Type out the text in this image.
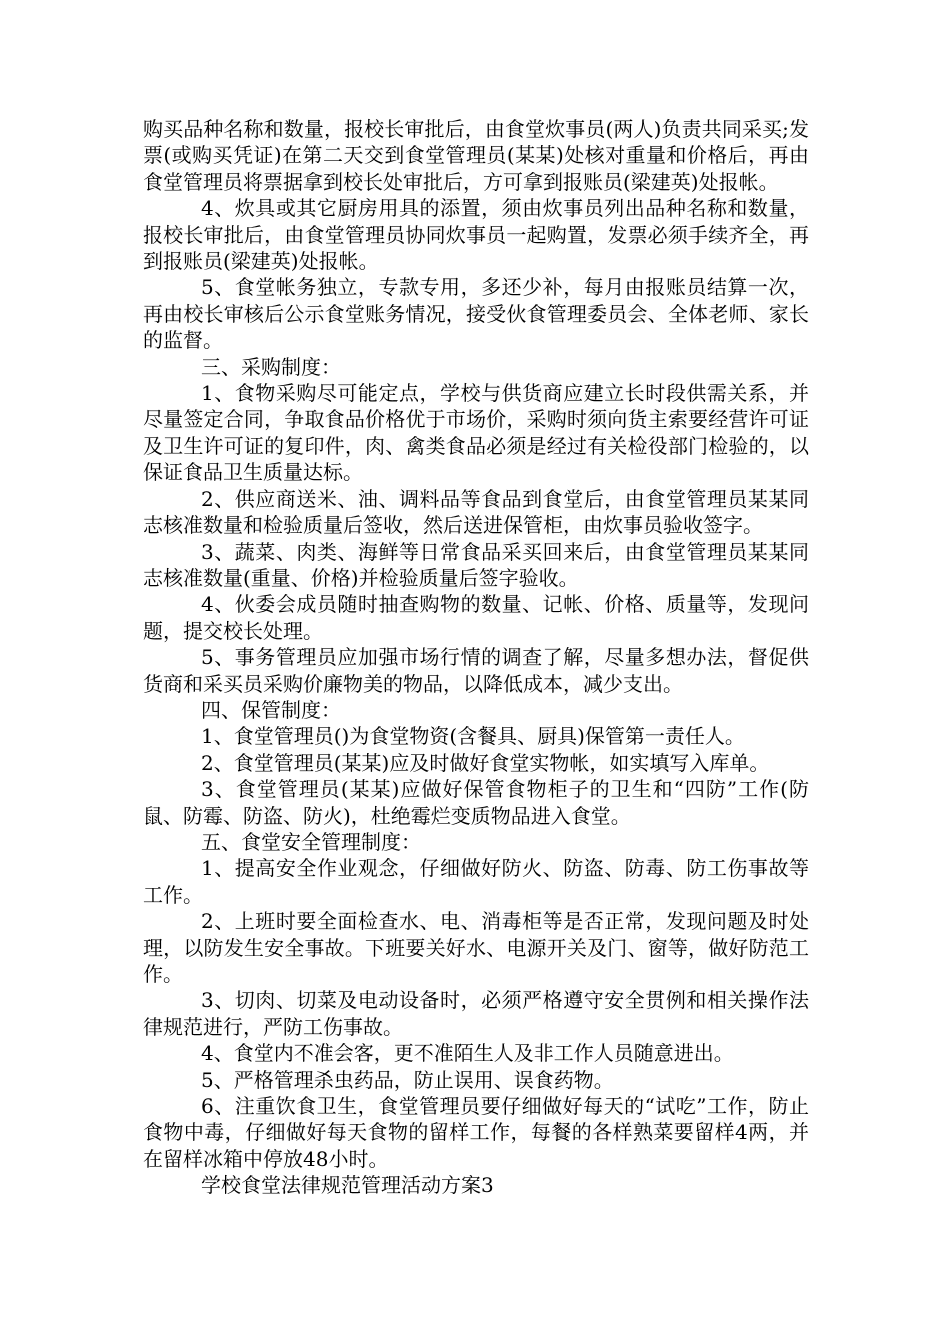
购买品种名称和数量，报校长审批后，由食堂炊事员(两人)负责共同采买;发票(或购买凭证)在第二天交到食堂管理员(某某)处核对重量和价格后，再由食堂管理员将票据拿到校长处审批后，方可拿到报账员(梁建英)处报帐。

4、炊具或其它厨房用具的添置，须由炊事员列出品种名称和数量，报校长审批后，由食堂管理员协同炊事员一起购置，发票必须手续齐全，再到报账员(梁建英)处报帐。

5、食堂帐务独立，专款专用，多还少补，每月由报账员结算一次，再由校长审核后公示食堂账务情况，接受伙食管理委员会、全体老师、家长的监督。

三、采购制度：

1、食物采购尽可能定点，学校与供货商应建立长时段供需关系，并尽量签定合同，争取食品价格优于市场价，采购时须向货主索要经营许可证及卫生许可证的复印件，肉、禽类食品必须是经过有关检役部门检验的，以保证食品卫生质量达标。

2、供应商送米、油、调料品等食品到食堂后，由食堂管理员某某同志核准数量和检验质量后签收，然后送进保管柜，由炊事员验收签字。

3、蔬菜、肉类、海鲜等日常食品采买回来后，由食堂管理员某某同志核准数量(重量、价格)并检验质量后签字验收。

4、伙委会成员随时抽查购物的数量、记帐、价格、质量等，发现问题，提交校长处理。

5、事务管理员应加强市场行情的调查了解，尽量多想办法，督促供货商和采买员采购价廉物美的物品，以降低成本，减少支出。

四、保管制度：

1、食堂管理员()为食堂物资(含餐具、厨具)保管第一责任人。

2、食堂管理员(某某)应及时做好食堂实物帐，如实填写入库单。

3、食堂管理员(某某)应做好保管食物柜子的卫生和“四防”工作(防鼠、防霉、防盗、防火)，杜绝霉烂变质物品进入食堂。

五、食堂安全管理制度：

1、提高安全作业观念，仔细做好防火、防盗、防毒、防工伤事故等工作。

2、上班时要全面检查水、电、消毒柜等是否正常，发现问题及时处理，以防发生安全事故。下班要关好水、电源开关及门、窗等，做好防范工作。

3、切肉、切菜及电动设备时，必须严格遵守安全贯例和相关操作法律规范进行，严防工伤事故。

4、食堂内不准会客，更不准陌生人及非工作人员随意进出。

5、严格管理杀虫药品，防止误用、误食药物。

6、注重饮食卫生，食堂管理员要仔细做好每天的“试吃”工作，防止食物中毒，仔细做好每天食物的留样工作，每餐的各样熟菜要留样4两，并在留样冰箱中停放48小时。

学校食堂法律规范管理活动方案3
